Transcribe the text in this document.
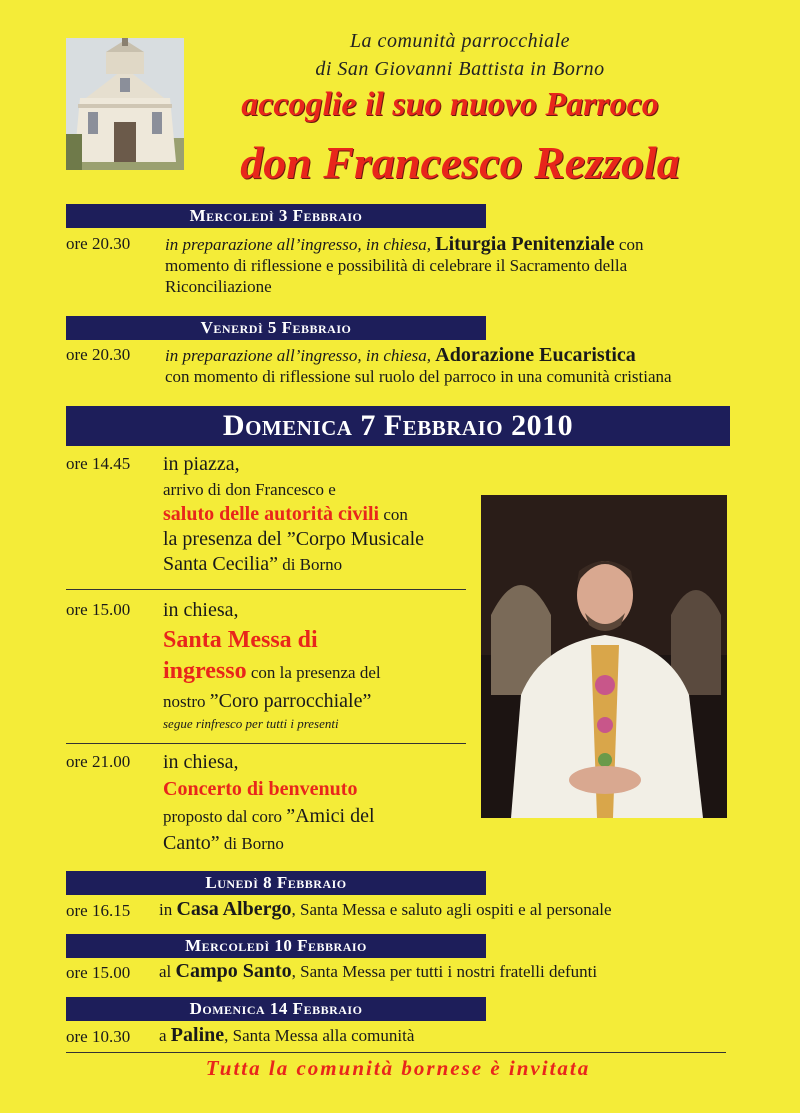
La comunità parrocchiale
di San Giovanni Battista in Borno
accoglie il suo nuovo Parroco
don Francesco Rezzola
Mercoledì 3 Febbraio
ore 20.30 in preparazione all’ingresso, in chiesa, Liturgia Penitenziale con
momento di riflessione e possibilità di celebrare il Sacramento della
Riconciliazione
Venerdì 5 Febbraio
ore 20.30 in preparazione all’ingresso, in chiesa, Adorazione Eucaristica
con momento di riflessione sul ruolo del parroco in una comunità cristiana
Domenica 7 Febbraio 2010
ore 14.45 in piazza,
arrivo di don Francesco e
saluto delle autorità civili con
la presenza del ”Corpo Musicale
Santa Cecilia” di Borno
ore 15.00 in chiesa,
Santa Messa di
ingresso con la presenza del
nostro ”Coro parrocchiale”
segue rinfresco per tutti i presenti
ore 21.00 in chiesa,
Concerto di benvenuto
proposto dal coro ”Amici del
Canto” di Borno
Lunedì 8 Febbraio
ore 16.15 in Casa Albergo, Santa Messa e saluto agli ospiti e al personale
Mercoledì 10 Febbraio
ore 15.00 al Campo Santo, Santa Messa per tutti i nostri fratelli defunti
Domenica 14 Febbraio
ore 10.30 a Paline, Santa Messa alla comunità
Tutta la comunità bornese è invitata
